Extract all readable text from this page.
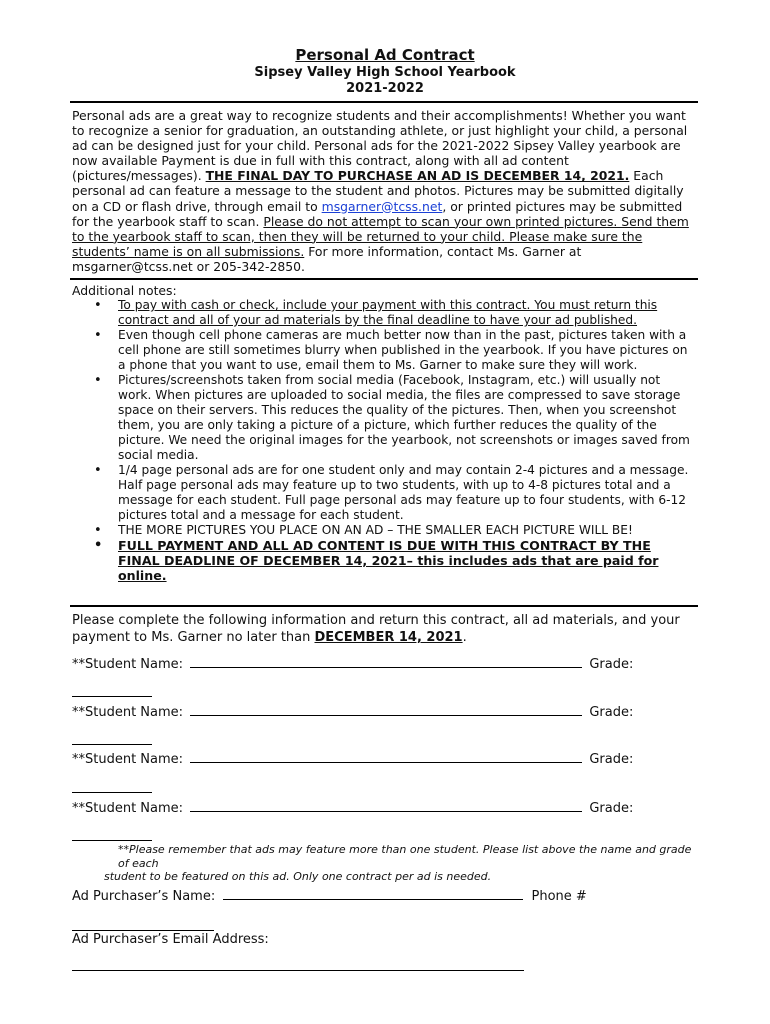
Personal Ad Contract
Sipsey Valley High School Yearbook
2021-2022
Personal ads are a great way to recognize students and their accomplishments! Whether you want to recognize a senior for graduation, an outstanding athlete, or just highlight your child, a personal ad can be designed just for your child. Personal ads for the 2021-2022 Sipsey Valley yearbook are now available Payment is due in full with this contract, along with all ad content (pictures/messages). THE FINAL DAY TO PURCHASE AN AD IS DECEMBER 14, 2021. Each personal ad can feature a message to the student and photos. Pictures may be submitted digitally on a CD or flash drive, through email to msgarner@tcss.net, or printed pictures may be submitted for the yearbook staff to scan. Please do not attempt to scan your own printed pictures. Send them to the yearbook staff to scan, then they will be returned to your child. Please make sure the students’ name is on all submissions. For more information, contact Ms. Garner at msgarner@tcss.net or 205-342-2850.
Additional notes:
• To pay with cash or check, include your payment with this contract. You must return this contract and all of your ad materials by the final deadline to have your ad published.
• Even though cell phone cameras are much better now than in the past, pictures taken with a cell phone are still sometimes blurry when published in the yearbook. If you have pictures on a phone that you want to use, email them to Ms. Garner to make sure they will work.
• Pictures/screenshots taken from social media (Facebook, Instagram, etc.) will usually not work. When pictures are uploaded to social media, the files are compressed to save storage space on their servers. This reduces the quality of the pictures. Then, when you screenshot them, you are only taking a picture of a picture, which further reduces the quality of the picture. We need the original images for the yearbook, not screenshots or images saved from social media.
• 1/4 page personal ads are for one student only and may contain 2-4 pictures and a message. Half page personal ads may feature up to two students, with up to 4-8 pictures total and a message for each student. Full page personal ads may feature up to four students, with 6-12 pictures total and a message for each student.
• THE MORE PICTURES YOU PLACE ON AN AD – THE SMALLER EACH PICTURE WILL BE!
• FULL PAYMENT AND ALL AD CONTENT IS DUE WITH THIS CONTRACT BY THE FINAL DEADLINE OF DECEMBER 14, 2021– this includes ads that are paid for online.
Please complete the following information and return this contract, all ad materials, and your payment to Ms. Garner no later than DECEMBER 14, 2021.
**Student Name:	Grade:
**Student Name:	Grade:
**Student Name:	Grade:
**Student Name:	Grade:
**Please remember that ads may feature more than one student. Please list above the name and grade of each
student to be featured on this ad. Only one contract per ad is needed.
Ad Purchaser’s Name:	Phone #
Ad Purchaser’s Email Address:
